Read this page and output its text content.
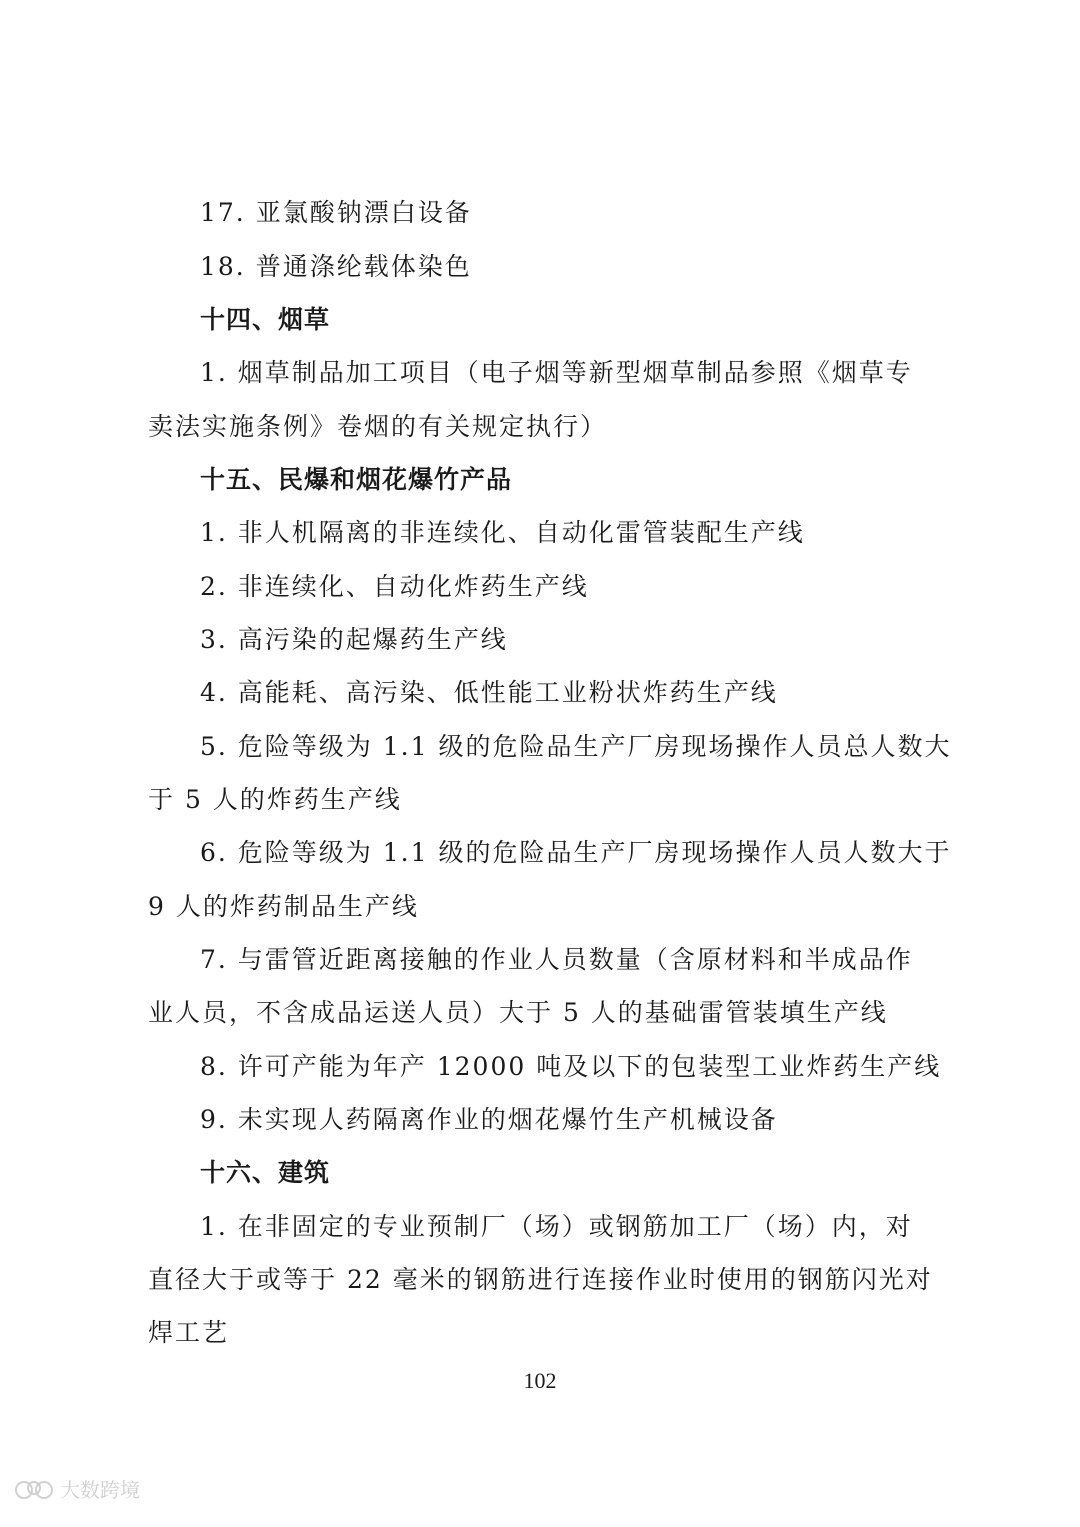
17. 亚氯酸钠漂白设备
18. 普通涤纶载体染色
十四、烟草
1. 烟草制品加工项目（电子烟等新型烟草制品参照《烟草专
卖法实施条例》卷烟的有关规定执行）
十五、民爆和烟花爆竹产品
1. 非人机隔离的非连续化、自动化雷管装配生产线
2. 非连续化、自动化炸药生产线
3. 高污染的起爆药生产线
4. 高能耗、高污染、低性能工业粉状炸药生产线
5. 危险等级为 1.1 级的危险品生产厂房现场操作人员总人数大
于 5 人的炸药生产线
6. 危险等级为 1.1 级的危险品生产厂房现场操作人员人数大于
9 人的炸药制品生产线
7. 与雷管近距离接触的作业人员数量（含原材料和半成品作
业人员，不含成品运送人员）大于 5 人的基础雷管装填生产线
8. 许可产能为年产 12000 吨及以下的包装型工业炸药生产线
9. 未实现人药隔离作业的烟花爆竹生产机械设备
十六、建筑
1. 在非固定的专业预制厂（场）或钢筋加工厂（场）内，对
直径大于或等于 22 毫米的钢筋进行连接作业时使用的钢筋闪光对
焊工艺
102
大数跨境
